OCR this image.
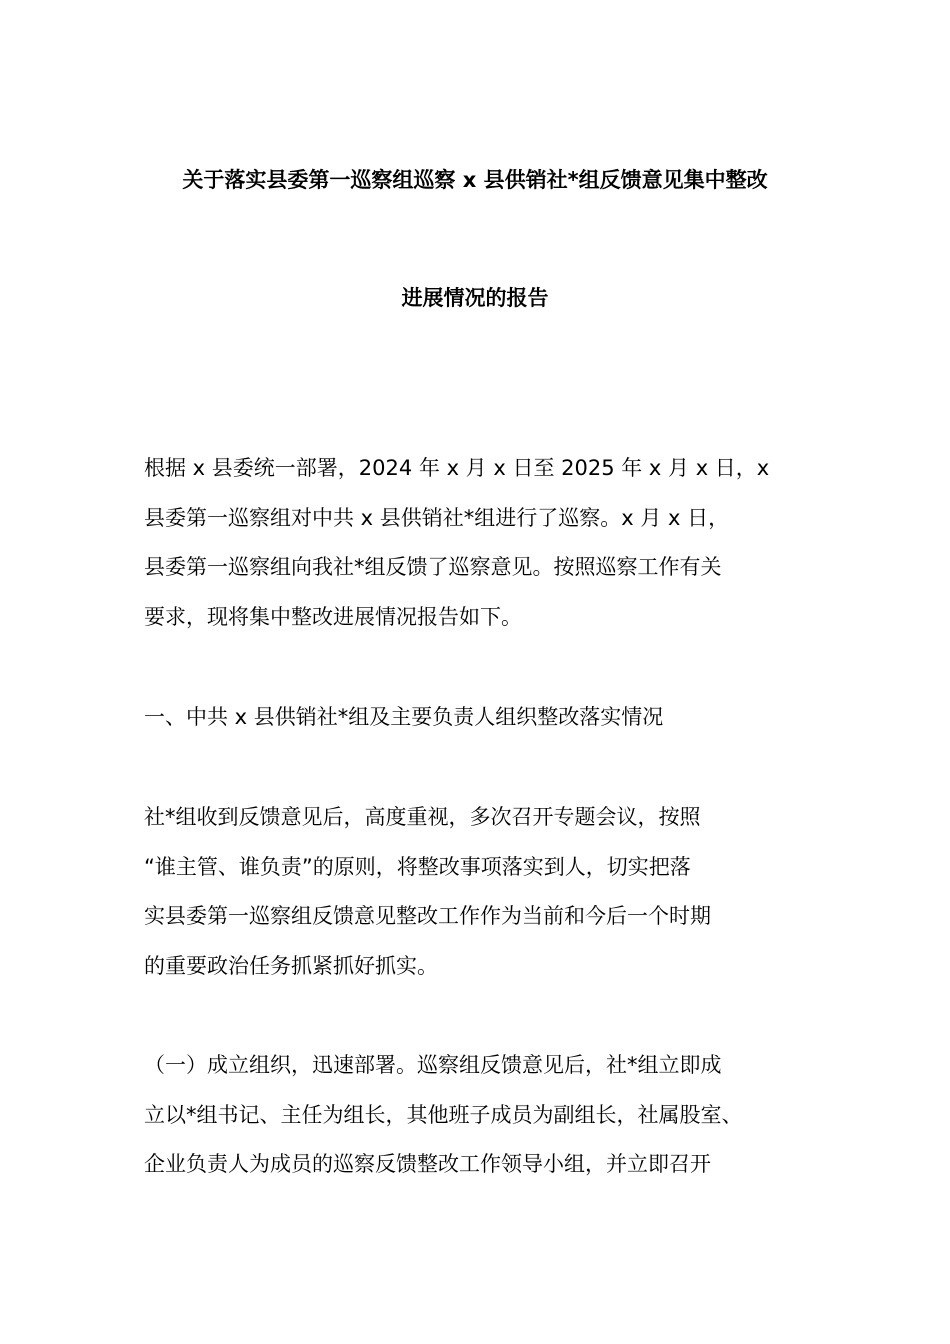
关于落实县委第一巡察组巡察 x 县供销社*组反馈意见集中整改
进展情况的报告
根据 x 县委统一部署，2024 年 x 月 x 日至 2025 年 x 月 x 日，x
县委第一巡察组对中共 x 县供销社*组进行了巡察。x 月 x 日，
县委第一巡察组向我社*组反馈了巡察意见。按照巡察工作有关
要求，现将集中整改进展情况报告如下。
一、中共 x 县供销社*组及主要负责人组织整改落实情况
社*组收到反馈意见后，高度重视，多次召开专题会议，按照
“谁主管、谁负责”的原则，将整改事项落实到人，切实把落
实县委第一巡察组反馈意见整改工作作为当前和今后一个时期
的重要政治任务抓紧抓好抓实。
（一）成立组织，迅速部署。巡察组反馈意见后，社*组立即成
立以*组书记、主任为组长，其他班子成员为副组长，社属股室、
企业负责人为成员的巡察反馈整改工作领导小组，并立即召开
